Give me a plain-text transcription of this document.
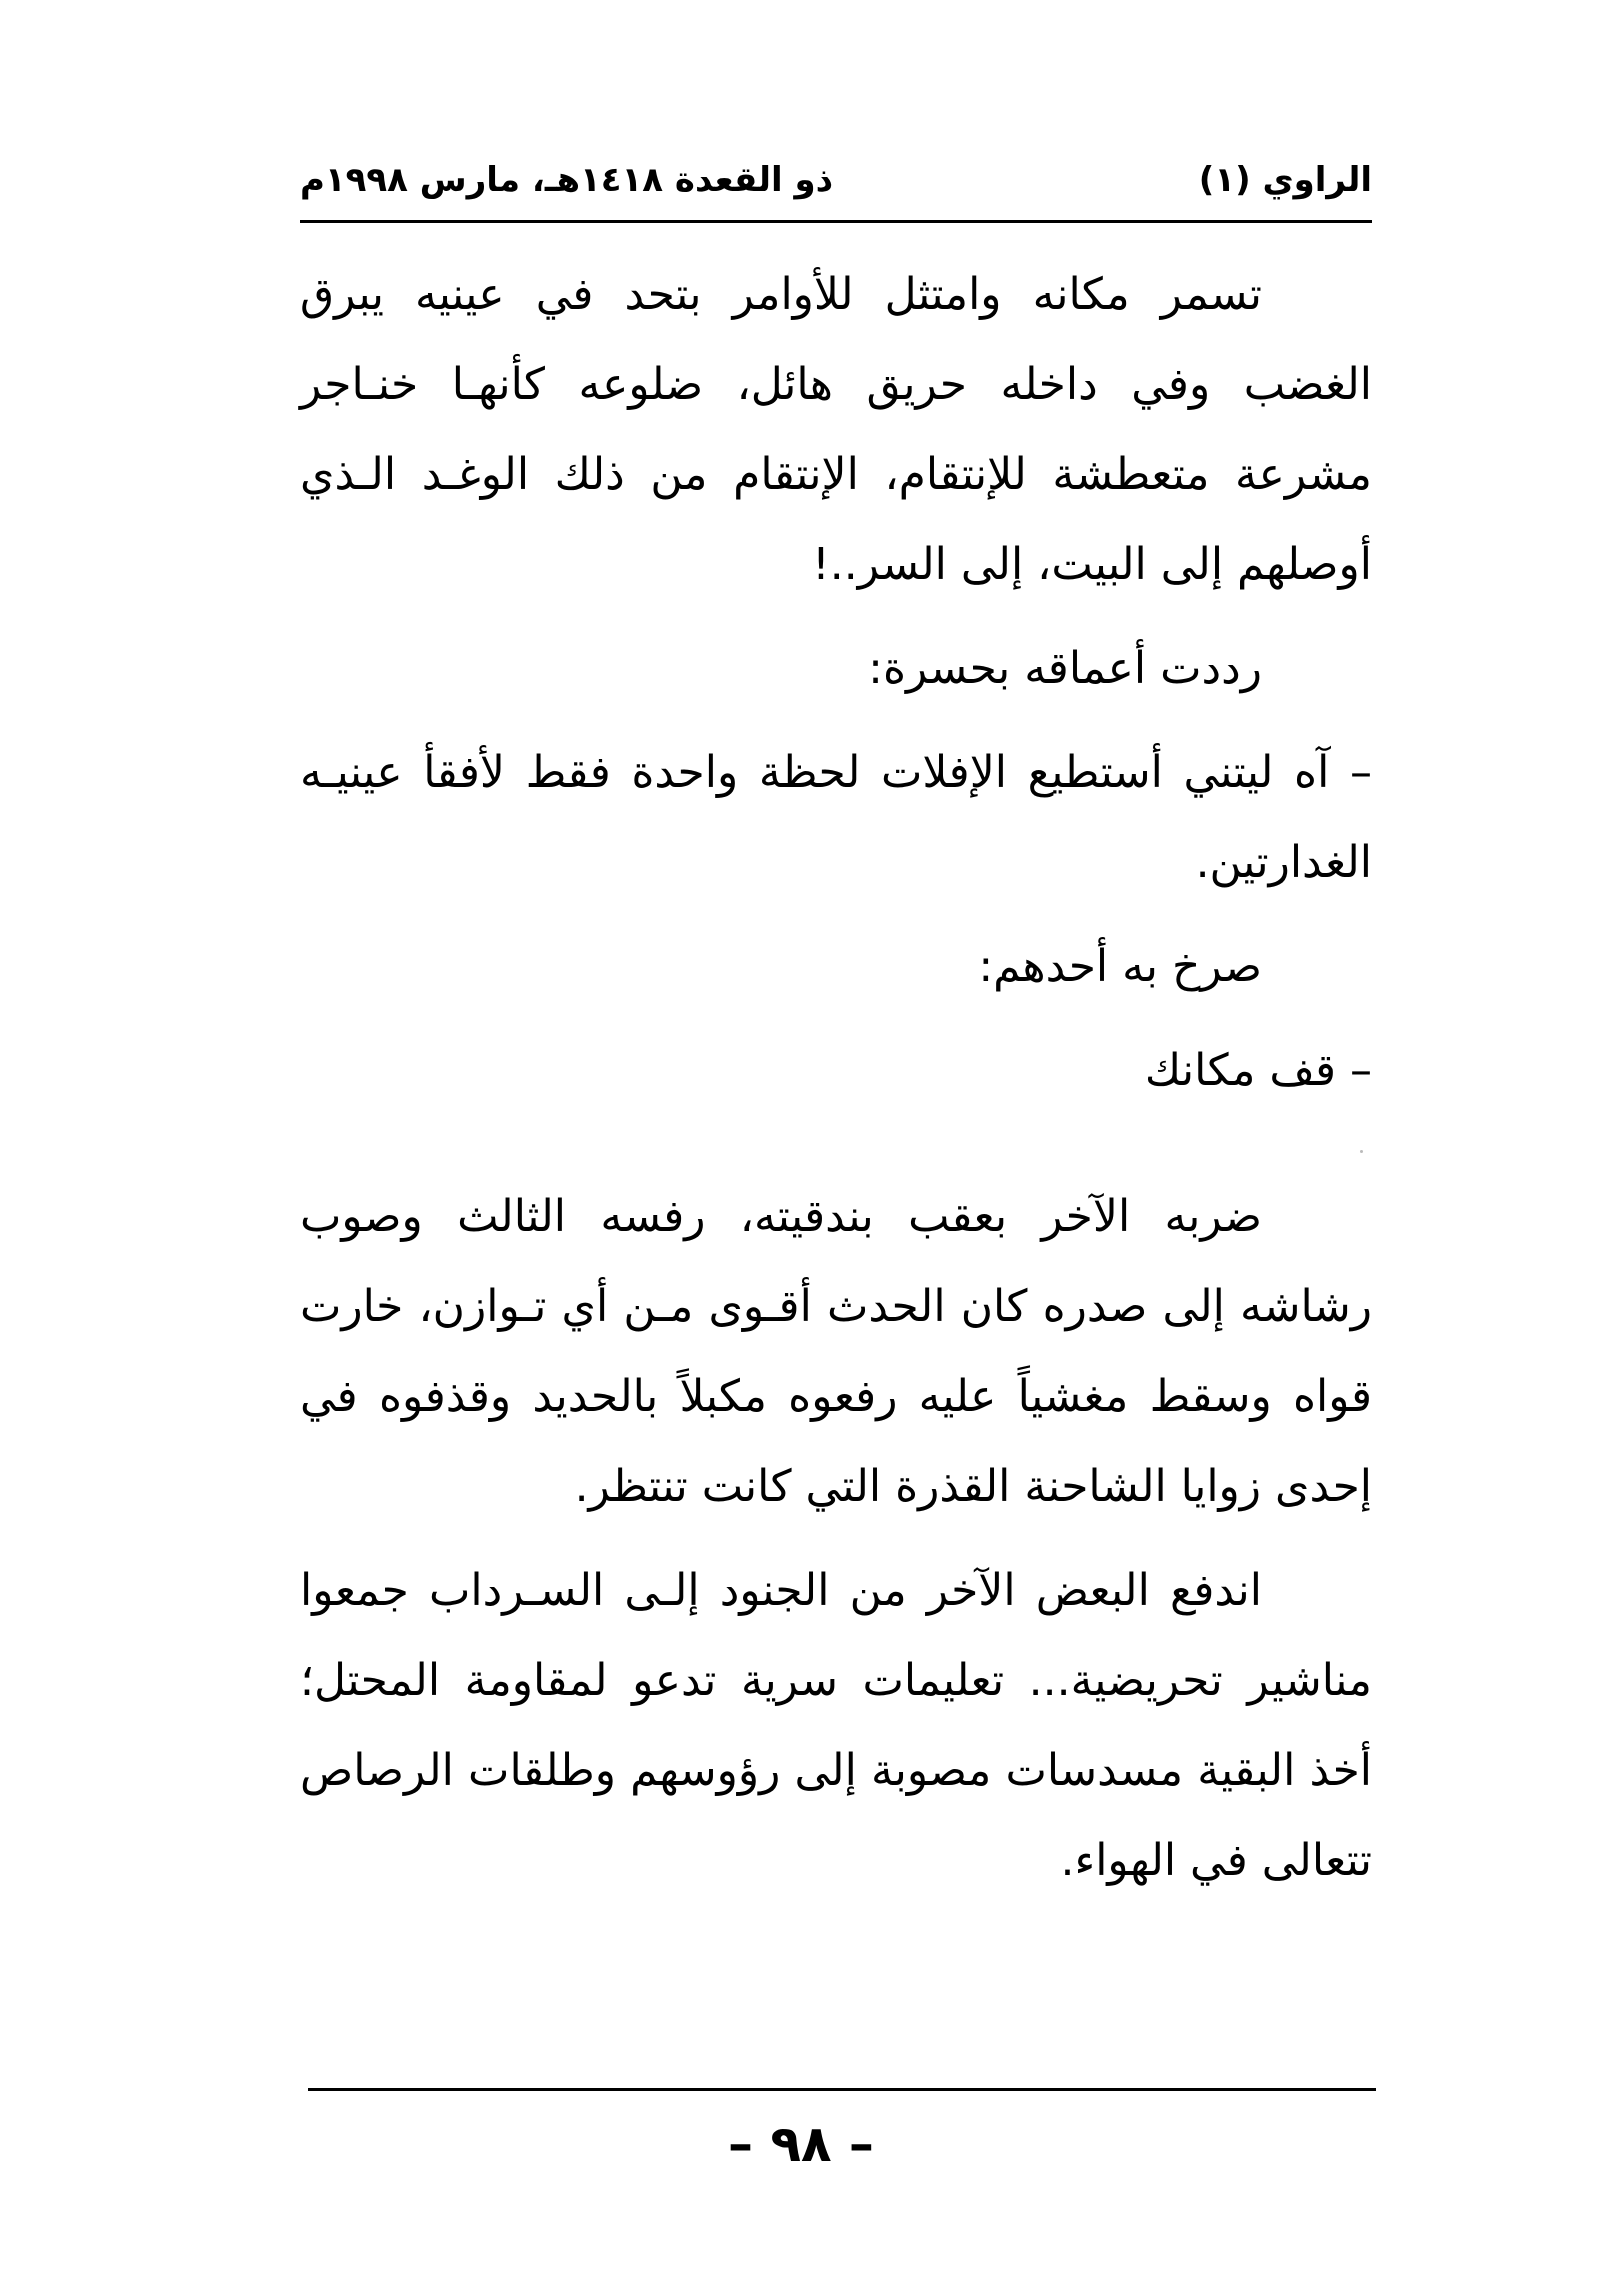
الراوي (١)
ذو القعدة ١٤١٨هـ، مارس ١٩٩٨م

تسمر مكانه وامتثل للأوامر بتحد في عينيه يبرق الغضب وفي داخله حريق هائل، ضلوعه كأنهـا خنـاجر مشرعة متعطشة للإنتقام، الإنتقام من ذلك الوغـد الـذي أوصلهم إلى البيت، إلى السر..!

رددت أعماقه بحسرة:

– آه ليتني أستطيع الإفلات لحظة واحدة فقط لأفقأ عينيـه الغدارتين.

صرخ به أحدهم:

– قف مكانك

ضربه الآخر بعقب بندقيته، رفسه الثالث وصوب رشاشه إلى صدره كان الحدث أقـوى مـن أي تـوازن، خارت قواه وسقط مغشياً عليه رفعوه مكبلاً بالحديد وقذفوه في إحدى زوايا الشاحنة القذرة التي كانت تنتظر.

اندفع البعض الآخر من الجنود إلـى السـرداب جمعوا مناشير تحريضية... تعليمات سرية تدعو لمقاومة المحتل؛ أخذ البقية مسدسات مصوبة إلى رؤوسهم وطلقات الرصاص تتعالى في الهواء.

– ٩٨ –
